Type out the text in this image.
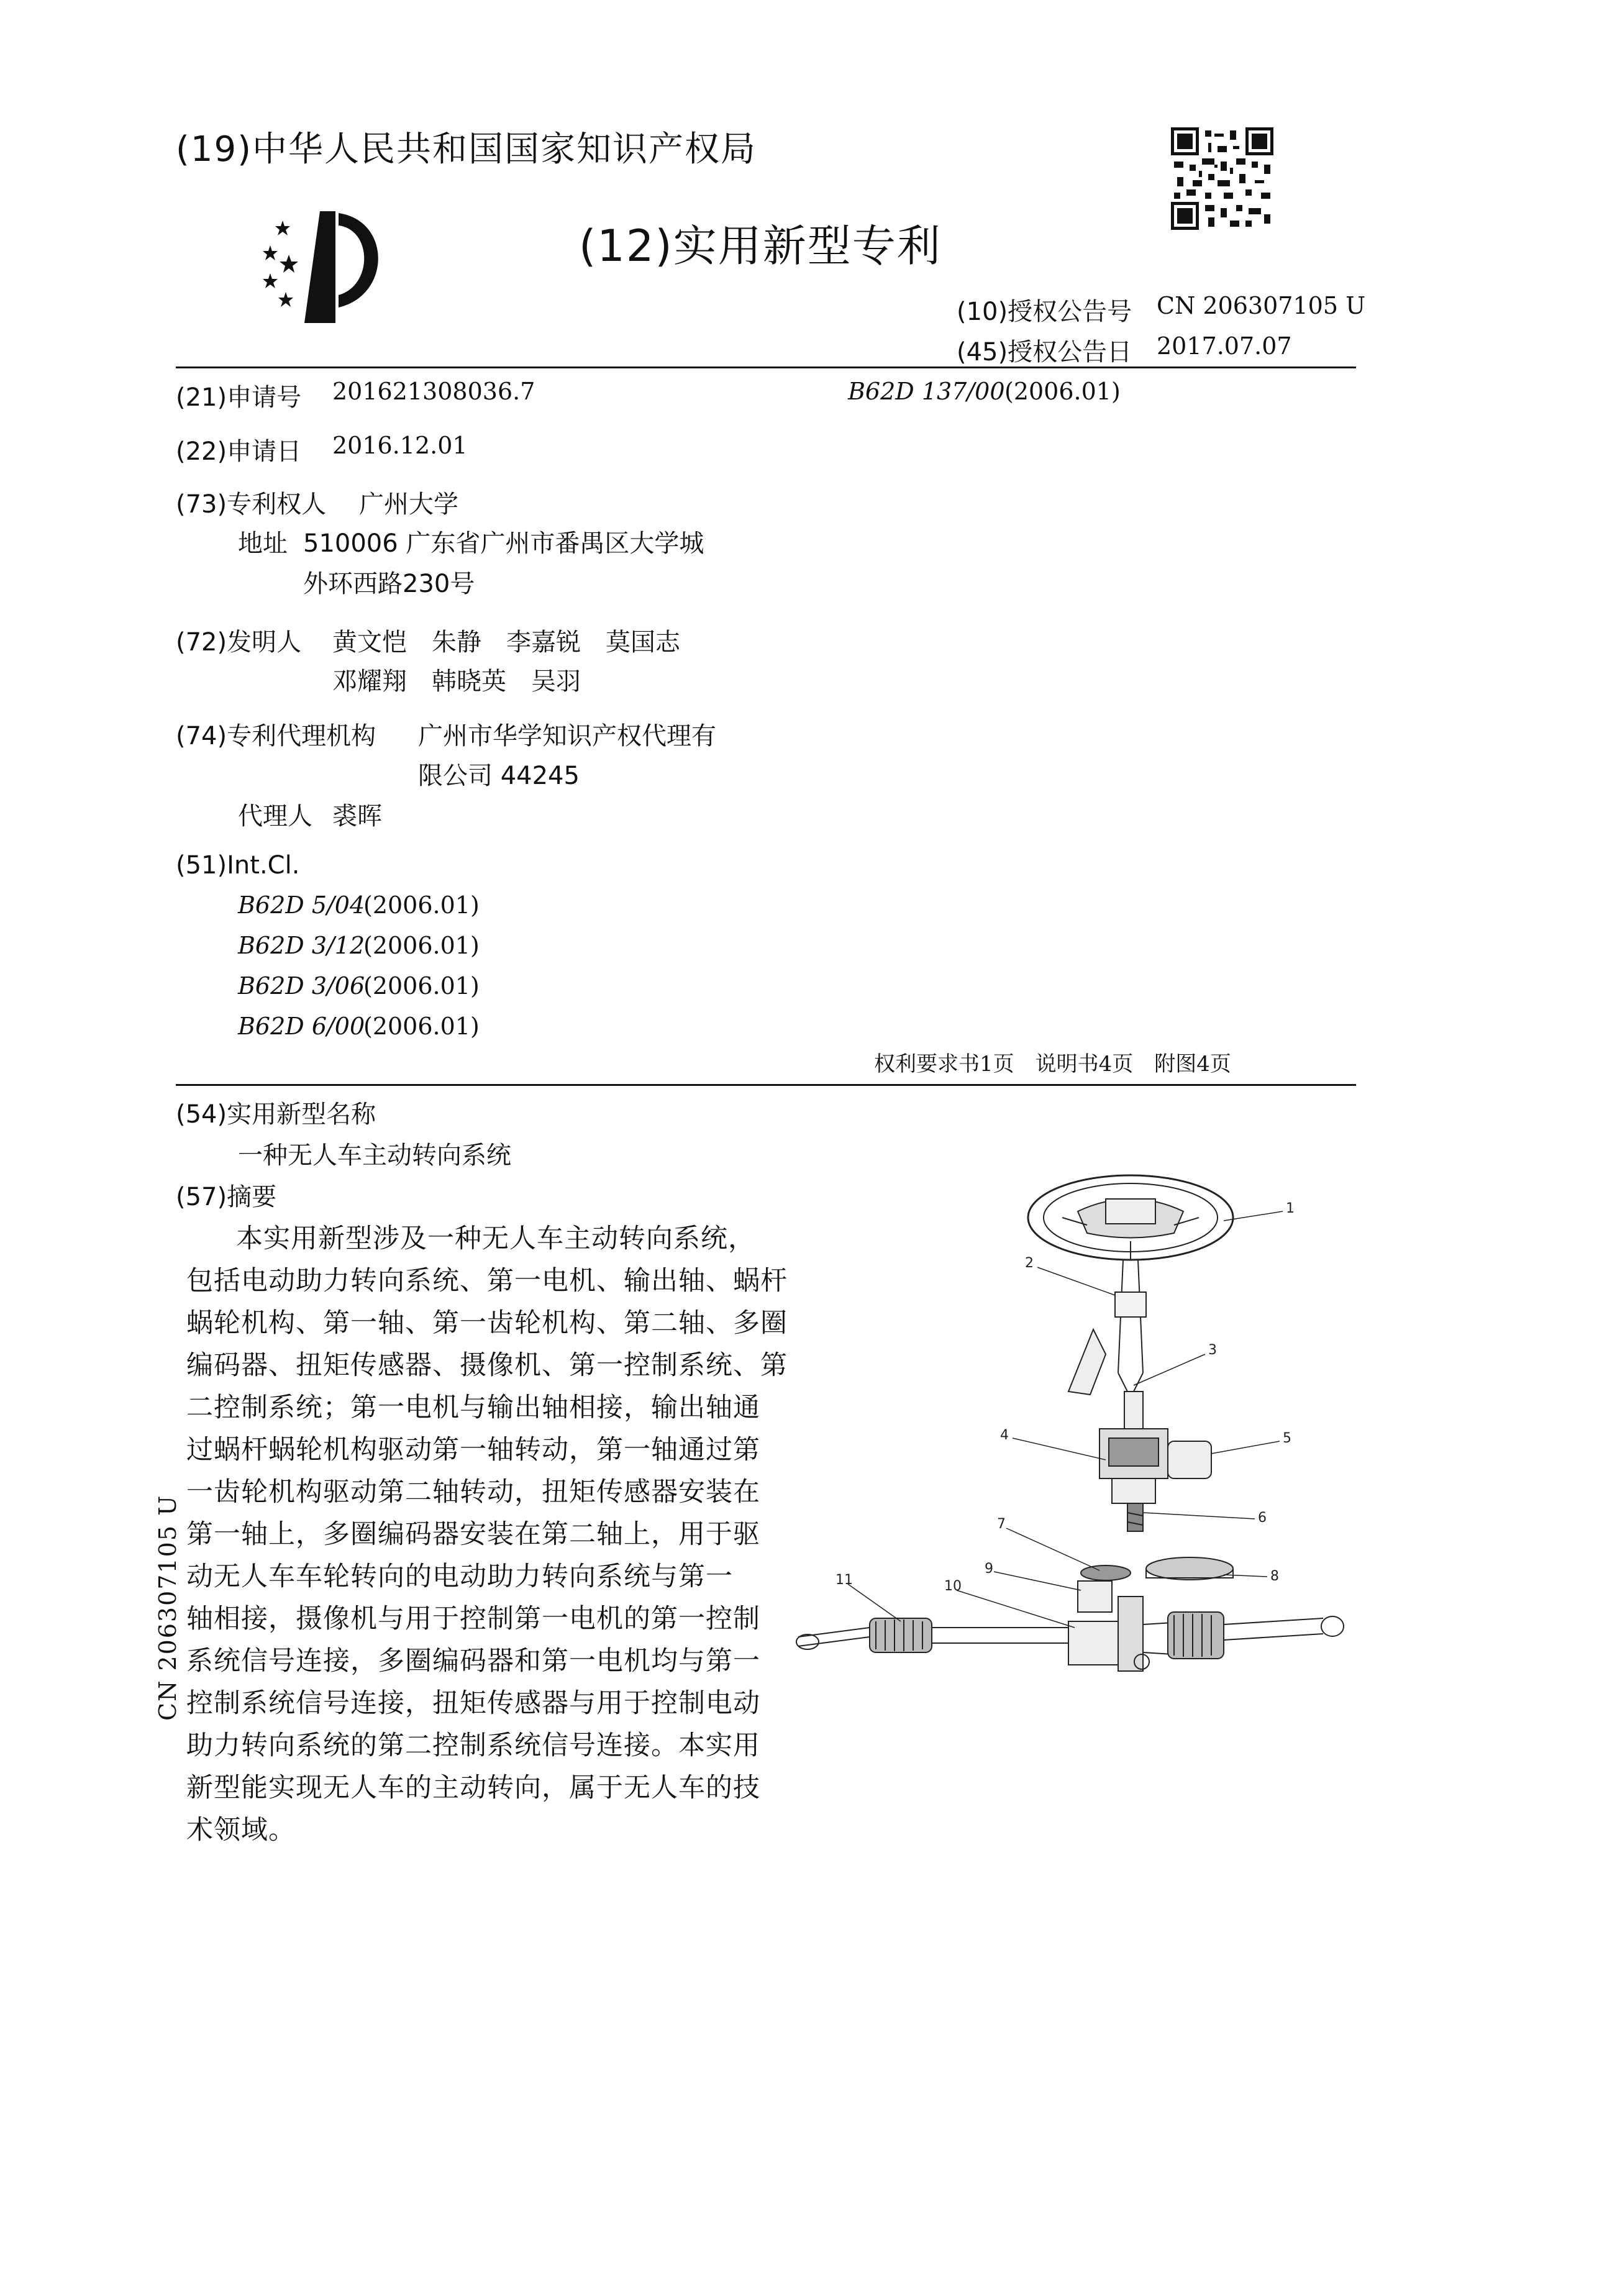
(19)中华人民共和国国家知识产权局
(12)实用新型专利
(10)授权公告号 CN 206307105 U
(45)授权公告日 2017.07.07
(21)申请号 201621308036.7	B62D 137/00 (2006.01)
(22)申请日 2016.12.01
(73)专利权人 广州大学
地址 510006 广东省广州市番禺区大学城
外环西路230号
(72)发明人 黄文恺　朱静　李嘉锐　莫国志
邓耀翔　韩晓英　吴羽
(74)专利代理机构 广州市华学知识产权代理有
限公司 44245
代理人 裘晖
(51)Int.Cl.
B62D 5/04
(2006.01)
B62D 3/12
(2006.01)
B62D 3/06
(2006.01)
B62D 6/00
(2006.01)
权利要求书1页　说明书4页　附图4页
(54)实用新型名称
一种无人车主动转向系统
(57)摘要
本实用新型涉及一种无人车主动转向系统，
包括电动助力转向系统、第一电机、输出轴、蜗杆
蜗轮机构、第一轴、第一齿轮机构、第二轴、多圈
编码器、扭矩传感器、摄像机、第一控制系统、第
二控制系统；第一电机与输出轴相接，输出轴通
过蜗杆蜗轮机构驱动第一轴转动，第一轴通过第
一齿轮机构驱动第二轴转动，扭矩传感器安装在
第一轴上，多圈编码器安装在第二轴上，用于驱
动无人车车轮转向的电动助力转向系统与第一
轴相接，摄像机与用于控制第一电机的第一控制
系统信号连接，多圈编码器和第一电机均与第一
控制系统信号连接，扭矩传感器与用于控制电动
助力转向系统的第二控制系统信号连接。本实用
新型能实现无人车的主动转向，属于无人车的技
术领域。
CN 206307105 U
1
2
3
4	5
6
7
8
9
10
11
